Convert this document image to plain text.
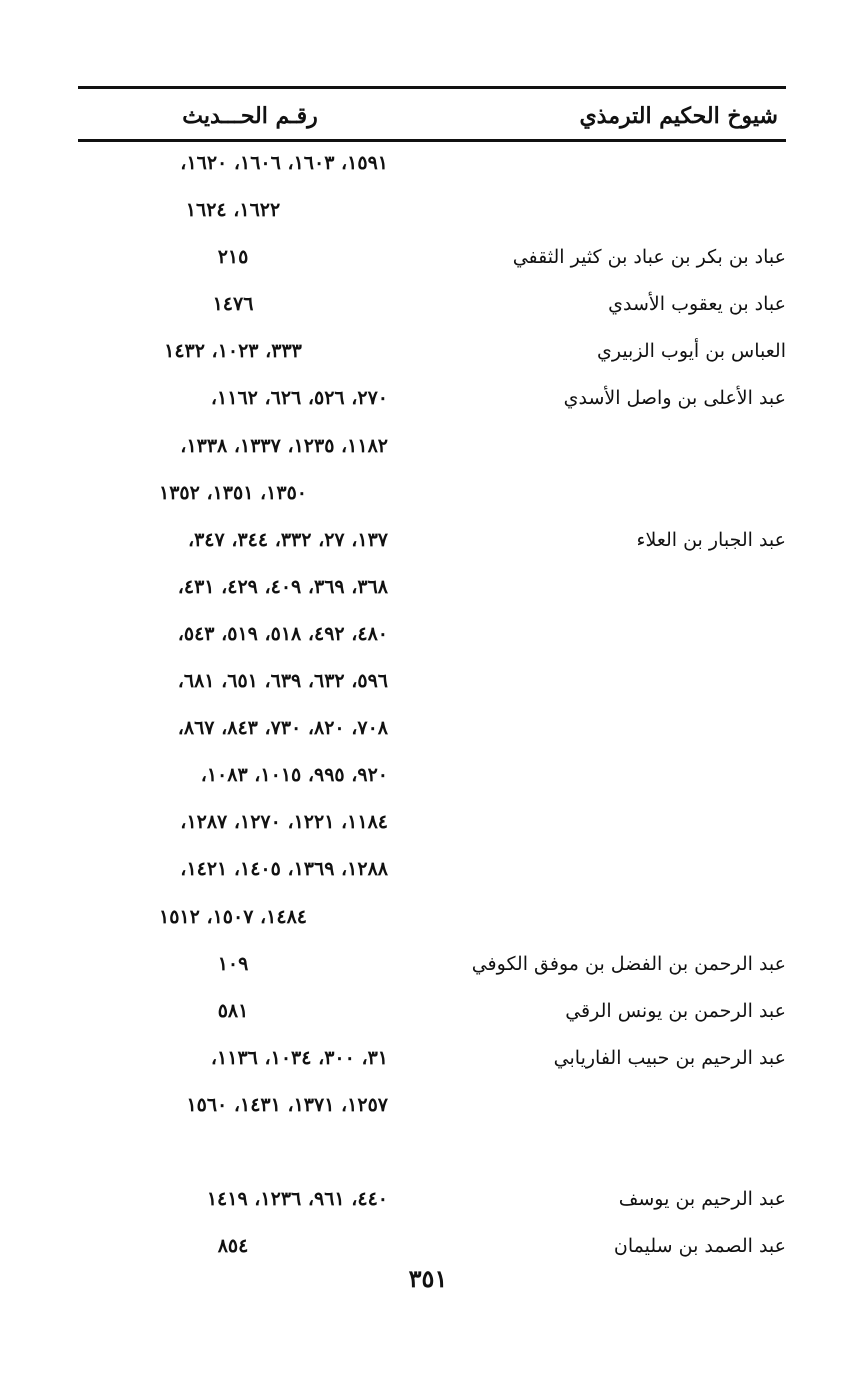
شيوخ الحكيم الترمذي
رقـم الحـــديث
١٥٩١، ١٦٠٣، ١٦٠٦، ١٦٢٠،
١٦٢٢، ١٦٢٤
عباد بن بكر بن عباد بن كثير الثقفي
٢١٥
عباد بن يعقوب الأسدي
١٤٧٦
العباس بن أيوب الزبيري
٣٣٣، ١٠٢٣، ١٤٣٢
عبد الأعلى بن واصل الأسدي
٢٧٠، ٥٢٦، ٦٢٦، ١١٦٢،
١١٨٢، ١٢٣٥، ١٣٣٧، ١٣٣٨،
١٣٥٠، ١٣٥١، ١٣٥٢
عبد الجبار بن العلاء
١٣٧، ٢٧، ٣٣٢، ٣٤٤، ٣٤٧،
٣٦٨، ٣٦٩، ٤٠٩، ٤٢٩، ٤٣١،
٤٨٠، ٤٩٢، ٥١٨، ٥١٩، ٥٤٣،
٥٩٦، ٦٣٢، ٦٣٩، ٦٥١، ٦٨١،
٧٠٨، ٨٢٠، ٧٣٠، ٨٤٣، ٨٦٧،
٩٢٠، ٩٩٥، ١٠١٥، ١٠٨٣،
١١٨٤، ١٢٢١، ١٢٧٠، ١٢٨٧،
١٢٨٨، ١٣٦٩، ١٤٠٥، ١٤٢١،
١٤٨٤، ١٥٠٧، ١٥١٢
عبد الرحمن بن الفضل بن موفق الكوفي
١٠٩
عبد الرحمن بن يونس الرقي
٥٨١
عبد الرحيم بن حبيب الفاريابي
٣١، ٣٠٠، ١٠٣٤، ١١٣٦،
١٢٥٧، ١٣٧١، ١٤٣١، ١٥٦٠
عبد الرحيم بن يوسف
٤٤٠، ٩٦١، ١٢٣٦، ١٤١٩
عبد الصمد بن سليمان
٨٥٤
٣٥١
